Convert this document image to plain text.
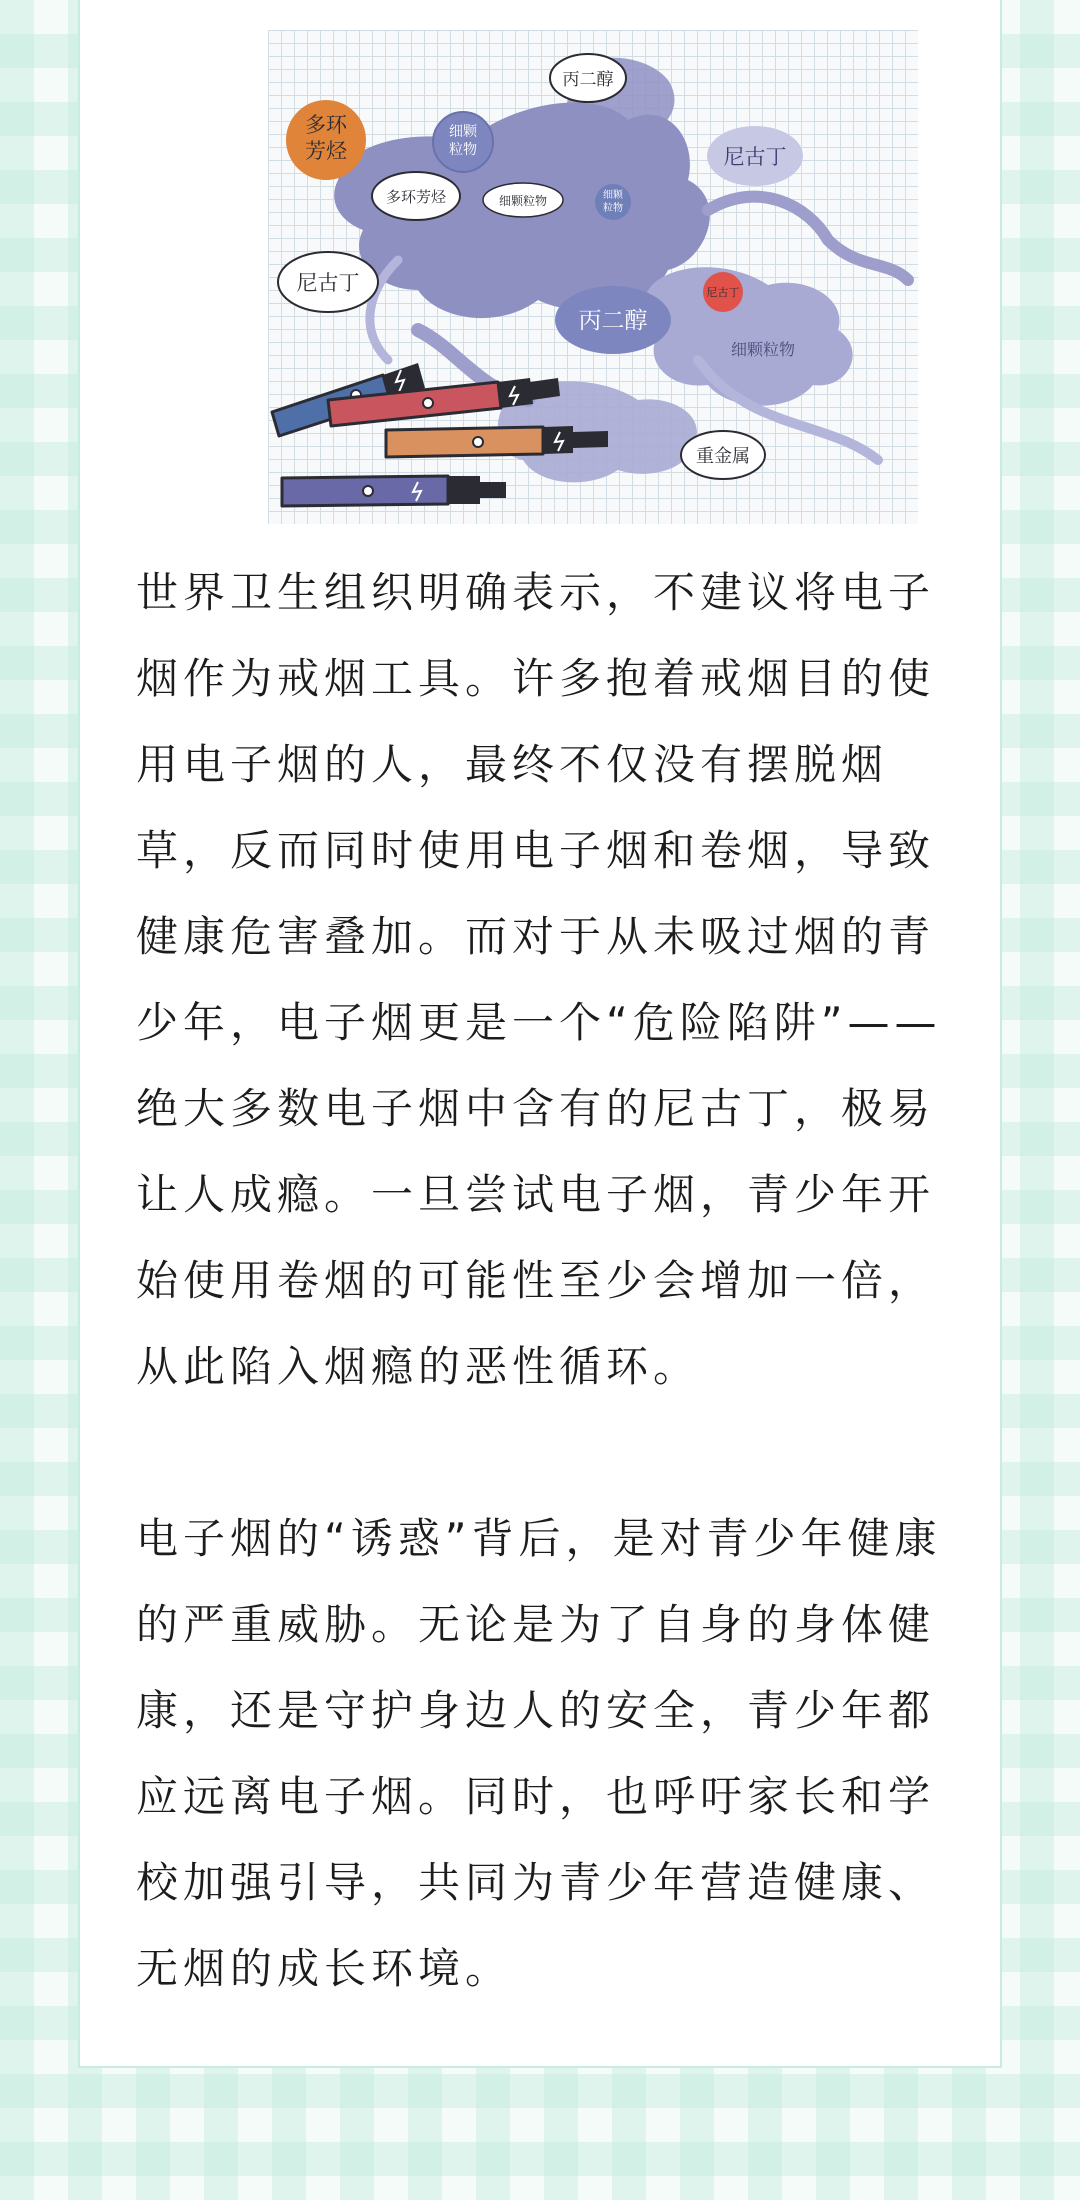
多环
芳烃
丙二醇
细颗
粒物	尼古丁
多环芳烃	细颗粒物	细颗
粒物
尼古丁
丙二醇
尼古丁
细颗粒物
重金属

世界卫生组织明确表示，不建议将电子烟作为戒烟工具。许多抱着戒烟目的使用电子烟的人，最终不仅没有摆脱烟草，反而同时使用电子烟和卷烟，导致健康危害叠加。而对于从未吸过烟的青少年，电子烟更是一个“危险陷阱”——绝大多数电子烟中含有的尼古丁，极易让人成瘾。一旦尝试电子烟，青少年开始使用卷烟的可能性至少会增加一倍，从此陷入烟瘾的恶性循环。

电子烟的“诱惑”背后，是对青少年健康的严重威胁。无论是为了自身的身体健康，还是守护身边人的安全，青少年都应远离电子烟。同时，也呼吁家长和学校加强引导，共同为青少年营造健康、无烟的成长环境。
